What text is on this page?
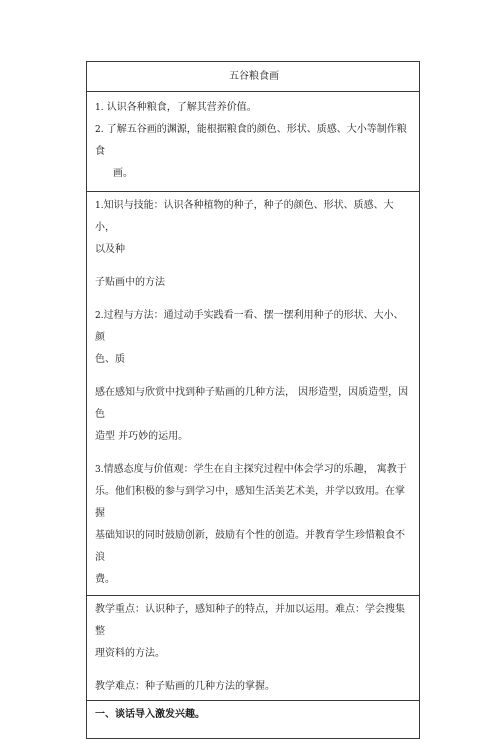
五谷粮食画

1. 认识各种粮食，了解其营养价值。

2. 了解五谷画的渊源，能根据粮食的颜色、形状、质感、大小等制作粮食

画。

1.知识与技能：认识各种植物的种子，种子的颜色、形状、质感、大小，

以及种

子贴画中的方法

2.过程与方法：通过动手实践看一看、摆一摆利用种子的形状、大小、颜

色、质

感在感知与欣赏中找到种子贴画的几种方法， 因形造型，因质造型，因色

造型 并巧妙的运用。

3.情感态度与价值观：学生在自主探究过程中体会学习的乐趣， 寓教于

乐。他们积极的参与到学习中，感知生活美艺术美，并学以致用。在掌握

基础知识的同时鼓励创新，鼓励有个性的创造。并教育学生珍惜粮食不浪

费。

教学重点：认识种子，感知种子的特点，并加以运用。难点：学会搜集整

理资料的方法。

教学难点：种子贴画的几种方法的掌握。

一、谈话导入激发兴趣。
